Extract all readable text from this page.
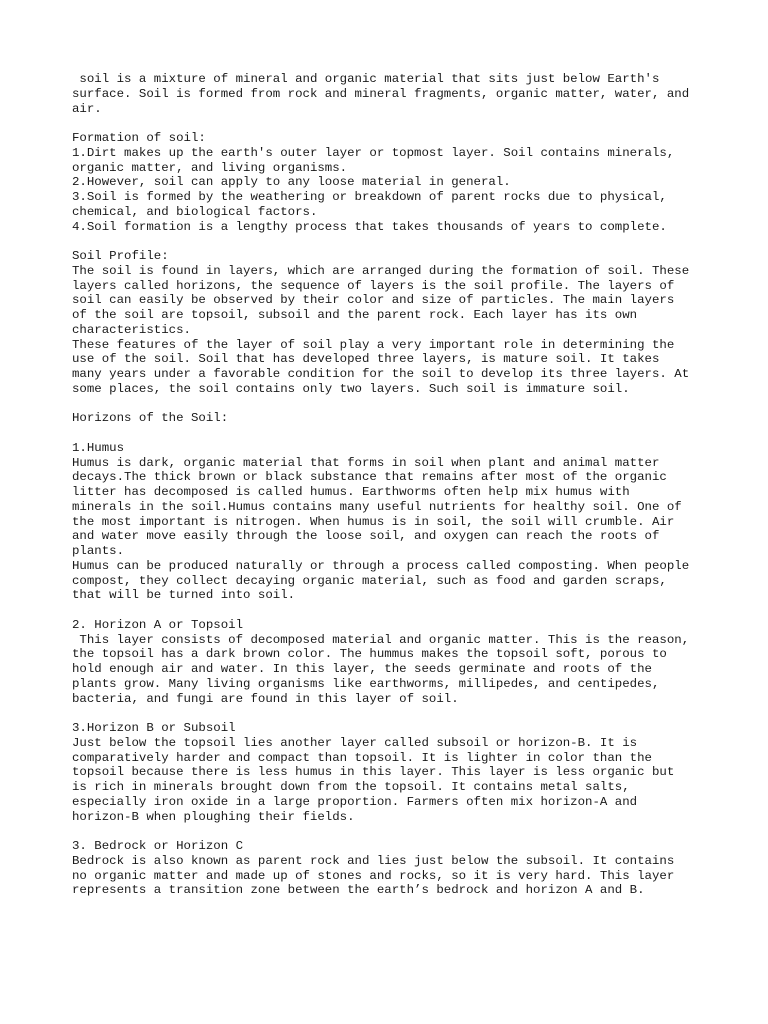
soil is a mixture of mineral and organic material that sits just below Earth's
surface. Soil is formed from rock and mineral fragments, organic matter, water, and
air.
Formation of soil:
1.Dirt makes up the earth's outer layer or topmost layer. Soil contains minerals,
organic matter, and living organisms.
2.However, soil can apply to any loose material in general.
3.Soil is formed by the weathering or breakdown of parent rocks due to physical,
chemical, and biological factors.
4.Soil formation is a lengthy process that takes thousands of years to complete.
Soil Profile:
The soil is found in layers, which are arranged during the formation of soil. These
layers called horizons, the sequence of layers is the soil profile. The layers of
soil can easily be observed by their color and size of particles. The main layers
of the soil are topsoil, subsoil and the parent rock. Each layer has its own
characteristics.
These features of the layer of soil play a very important role in determining the
use of the soil. Soil that has developed three layers, is mature soil. It takes
many years under a favorable condition for the soil to develop its three layers. At
some places, the soil contains only two layers. Such soil is immature soil.
Horizons of the Soil:
1.Humus
Humus is dark, organic material that forms in soil when plant and animal matter
decays.The thick brown or black substance that remains after most of the organic
litter has decomposed is called humus. Earthworms often help mix humus with
minerals in the soil.Humus contains many useful nutrients for healthy soil. One of
the most important is nitrogen. When humus is in soil, the soil will crumble. Air
and water move easily through the loose soil, and oxygen can reach the roots of
plants.
Humus can be produced naturally or through a process called composting. When people
compost, they collect decaying organic material, such as food and garden scraps,
that will be turned into soil.
2. Horizon A or Topsoil
This layer consists of decomposed material and organic matter. This is the reason,
the topsoil has a dark brown color. The hummus makes the topsoil soft, porous to
hold enough air and water. In this layer, the seeds germinate and roots of the
plants grow. Many living organisms like earthworms, millipedes, and centipedes,
bacteria, and fungi are found in this layer of soil.
3.Horizon B or Subsoil
Just below the topsoil lies another layer called subsoil or horizon-B. It is
comparatively harder and compact than topsoil. It is lighter in color than the
topsoil because there is less humus in this layer. This layer is less organic but
is rich in minerals brought down from the topsoil. It contains metal salts,
especially iron oxide in a large proportion. Farmers often mix horizon-A and
horizon-B when ploughing their fields.
3. Bedrock or Horizon C
Bedrock is also known as parent rock and lies just below the subsoil. It contains
no organic matter and made up of stones and rocks, so it is very hard. This layer
represents a transition zone between the earth’s bedrock and horizon A and B.
